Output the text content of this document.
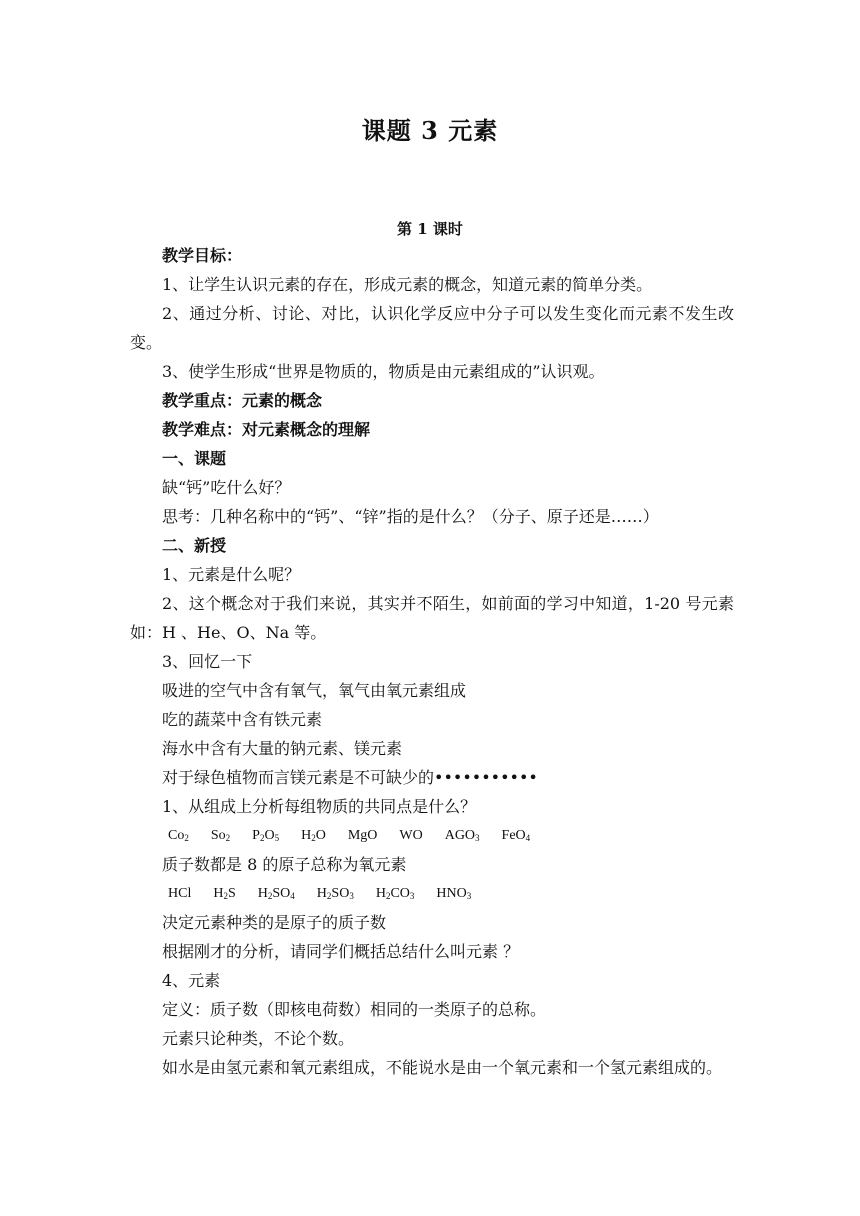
课题 3 元素
第 1 课时

教学目标：

1、让学生认识元素的存在，形成元素的概念，知道元素的简单分类。

2、通过分析、讨论、对比，认识化学反应中分子可以发生变化而元素不发生改变。

3、使学生形成“世界是物质的，物质是由元素组成的”认识观。

教学重点：元素的概念

教学难点：对元素概念的理解

一、课题

缺“钙”吃什么好？

思考：几种名称中的“钙”、“锌”指的是什么？（分子、原子还是……）

二、新授

1、元素是什么呢？

2、这个概念对于我们来说，其实并不陌生，如前面的学习中知道，1-20 号元素如：H 、He、O、Na 等。

3、回忆一下

吸进的空气中含有氧气，氧气由氧元素组成

吃的蔬菜中含有铁元素

海水中含有大量的钠元素、镁元素

对于绿色植物而言镁元素是不可缺少的•••••••••••

1、从组成上分析每组物质的共同点是什么？

$Co_2$ $So_2$ $P_2O_5$ $H_2O$ MgO WO $AGO_3$ FeO$_4$

质子数都是 8 的原子总称为氧元素

HCl $H_2S$ $H_2SO_4$ $H_2SO_3$ $H_2CO_3$ $HNO_3$

决定元素种类的是原子的质子数

根据刚才的分析，请同学们概括总结什么叫元素 ？

4、元素

定义：质子数（即核电荷数）相同的一类原子的总称。

元素只论种类，不论个数。

如水是由氢元素和氧元素组成，不能说水是由一个氧元素和一个氢元素组成的。
